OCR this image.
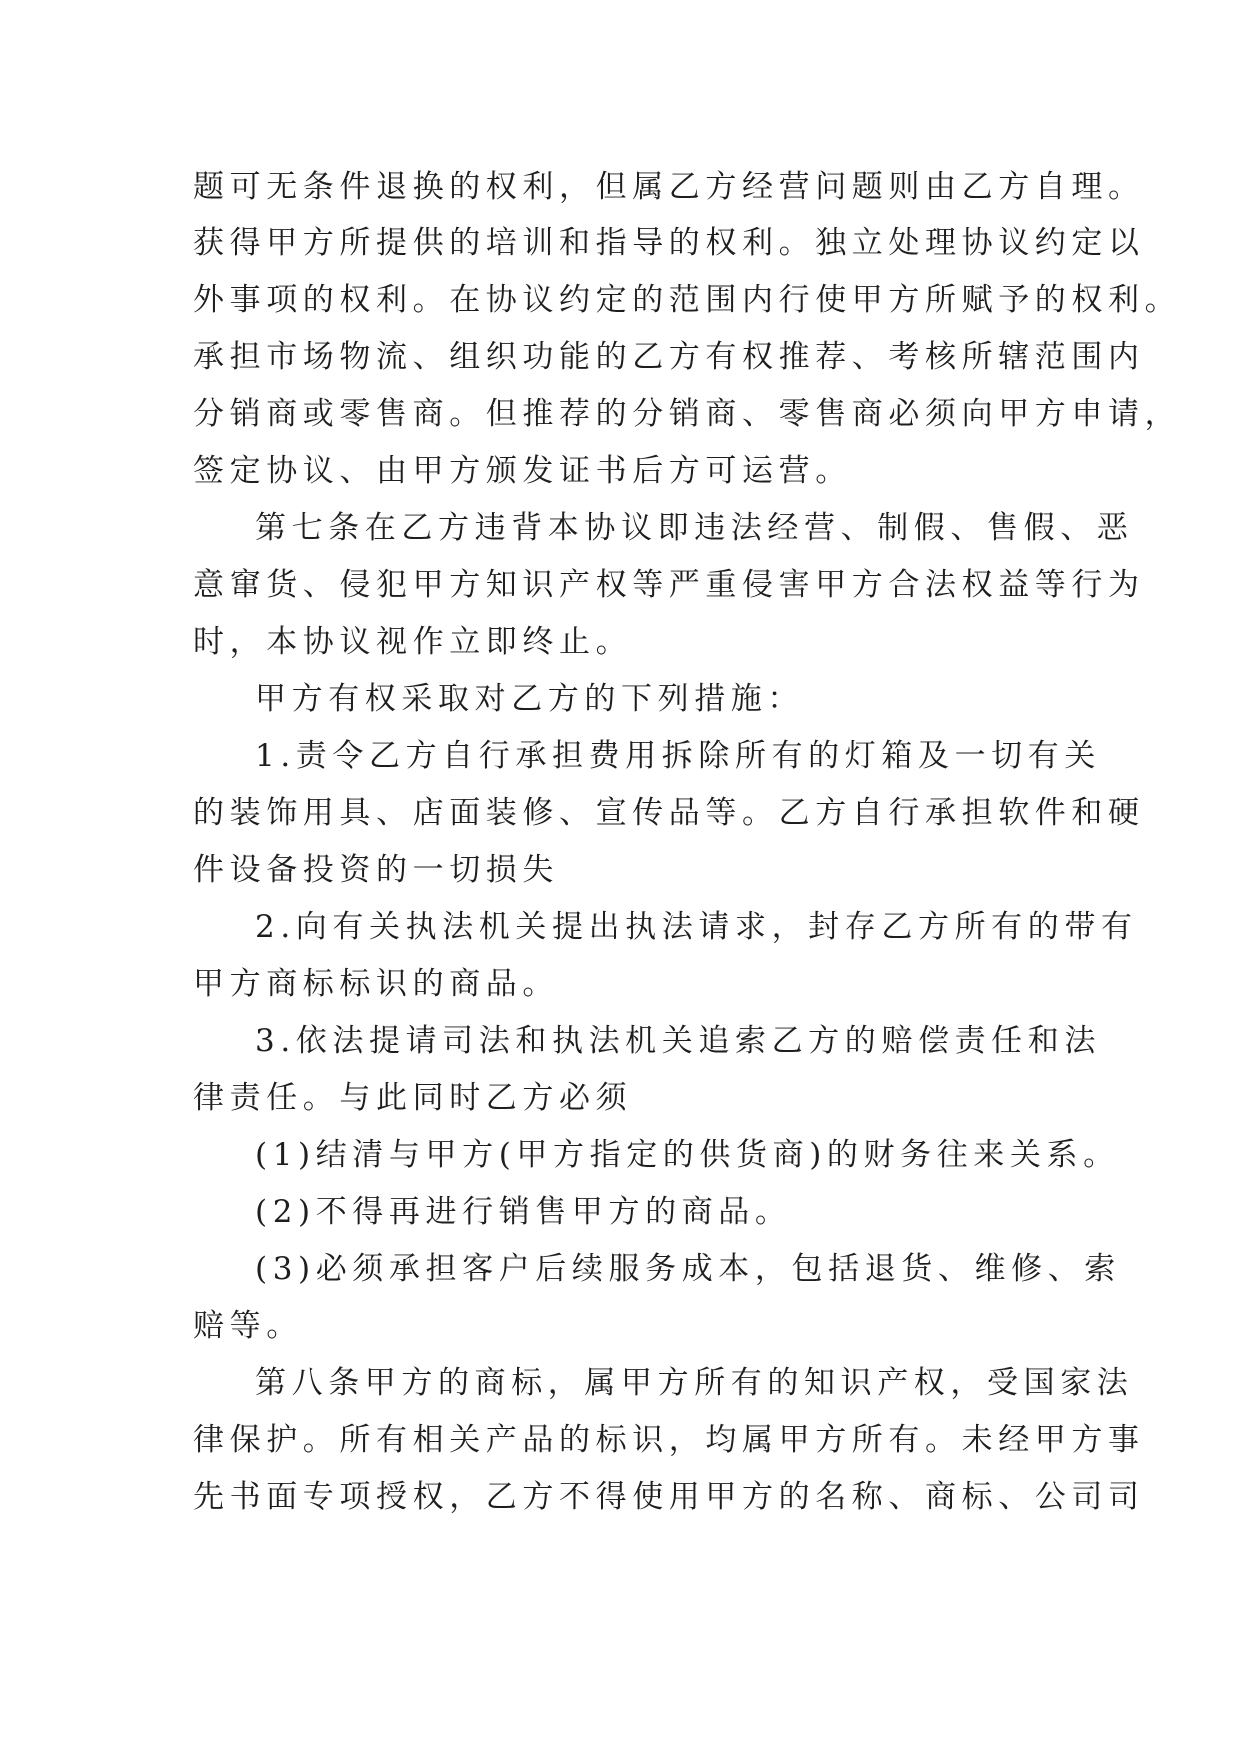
题可无条件退换的权利，但属乙方经营问题则由乙方自理。
获得甲方所提供的培训和指导的权利。独立处理协议约定以
外事项的权利。在协议约定的范围内行使甲方所赋予的权利。
承担市场物流、组织功能的乙方有权推荐、考核所辖范围内
分销商或零售商。但推荐的分销商、零售商必须向甲方申请，
签定协议、由甲方颁发证书后方可运营。
第七条在乙方违背本协议即违法经营、制假、售假、恶
意窜货、侵犯甲方知识产权等严重侵害甲方合法权益等行为
时，本协议视作立即终止。
甲方有权采取对乙方的下列措施：
1.责令乙方自行承担费用拆除所有的灯箱及一切有关
的装饰用具、店面装修、宣传品等。乙方自行承担软件和硬
件设备投资的一切损失
2.向有关执法机关提出执法请求，封存乙方所有的带有
甲方商标标识的商品。
3.依法提请司法和执法机关追索乙方的赔偿责任和法
律责任。与此同时乙方必须
(1)结清与甲方(甲方指定的供货商)的财务往来关系。
(2)不得再进行销售甲方的商品。
(3)必须承担客户后续服务成本，包括退货、维修、索
赔等。
第八条甲方的商标，属甲方所有的知识产权，受国家法
律保护。所有相关产品的标识，均属甲方所有。未经甲方事
先书面专项授权，乙方不得使用甲方的名称、商标、公司司
